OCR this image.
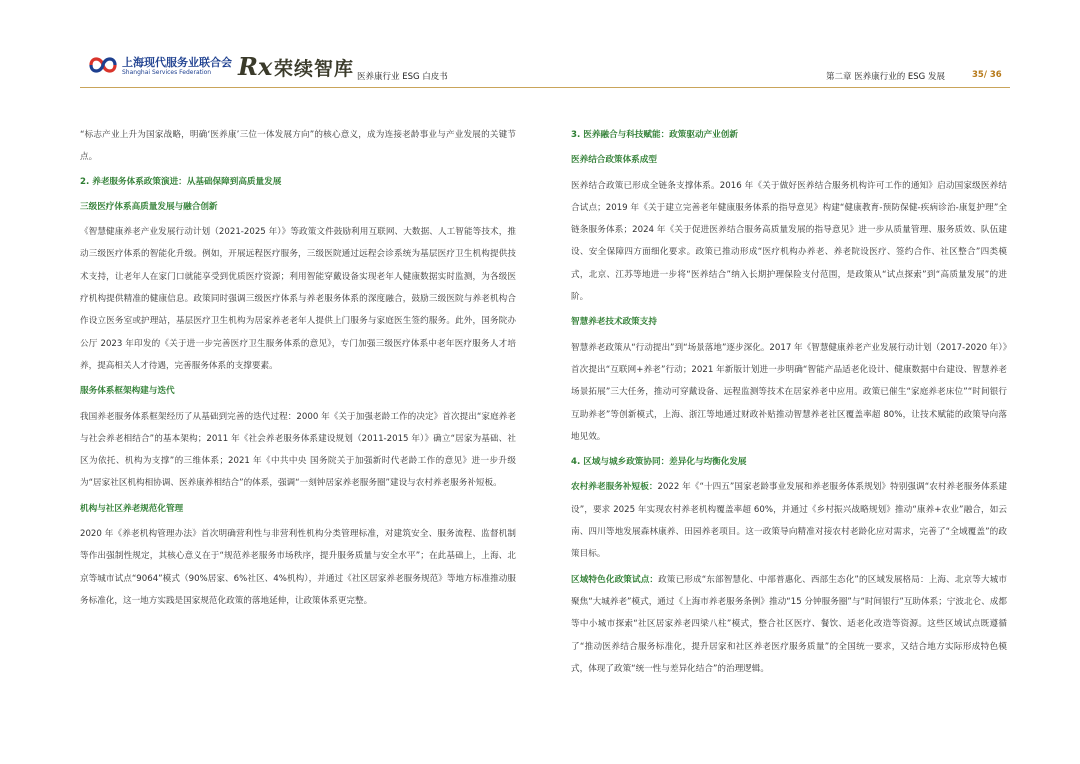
上海现代服务业联合会
Shanghai Services Federation Rx 荣续智库 医养康行业 ESG 白皮书	第二章 医养康行业的 ESG 发展	35/ 36

“标志产业上升为国家战略，明确‘医养康’三位一体发展方向”的核心意义，成为连接老龄事业与产业发展的关键节点。

2. 养老服务体系政策演进：从基础保障到高质量发展

三级医疗体系高质量发展与融合创新

《智慧健康养老产业发展行动计划（2021-2025 年）》等政策文件鼓励利用互联网、大数据、人工智能等技术，推动三级医疗体系的智能化升级。例如，开展远程医疗服务，三级医院通过远程会诊系统为基层医疗卫生机构提供技术支持，让老年人在家门口就能享受到优质医疗资源；利用智能穿戴设备实现老年人健康数据实时监测，为各级医疗机构提供精准的健康信息。政策同时强调三级医疗体系与养老服务体系的深度融合，鼓励三级医院与养老机构合作设立医务室或护理站，基层医疗卫生机构为居家养老老年人提供上门服务与家庭医生签约服务。此外，国务院办公厅 2023 年印发的《关于进一步完善医疗卫生服务体系的意见》，专门加强三级医疗体系中老年医疗服务人才培养，提高相关人才待遇，完善服务体系的支撑要素。

服务体系框架构建与迭代

我国养老服务体系框架经历了从基础到完善的迭代过程：2000 年《关于加强老龄工作的决定》首次提出“家庭养老与社会养老相结合”的基本架构；2011 年《社会养老服务体系建设规划（2011-2015 年）》确立“居家为基础、社区为依托、机构为支撑”的三维体系；2021 年《中共中央 国务院关于加强新时代老龄工作的意见》进一步升级为“居家社区机构相协调、医养康养相结合”的体系，强调“一刻钟居家养老服务圈”建设与农村养老服务补短板。

机构与社区养老规范化管理

2020 年《养老机构管理办法》首次明确营利性与非营利性机构分类管理标准，对建筑安全、服务流程、监督机制等作出强制性规定，其核心意义在于“规范养老服务市场秩序，提升服务质量与安全水平”；在此基础上，上海、北京等城市试点“9064”模式（90%居家、6%社区、4%机构），并通过《社区居家养老服务规范》等地方标准推动服务标准化，这一地方实践是国家规范化政策的落地延伸，让政策体系更完整。

3. 医养融合与科技赋能：政策驱动产业创新

医养结合政策体系成型

医养结合政策已形成全链条支撑体系。2016 年《关于做好医养结合服务机构许可工作的通知》启动国家级医养结合试点；2019 年《关于建立完善老年健康服务体系的指导意见》构建“健康教育-预防保健-疾病诊治-康复护理”全链条服务体系；2024 年《关于促进医养结合服务高质量发展的指导意见》进一步从质量管理、服务质效、队伍建设、安全保障四方面细化要求。政策已推动形成“医疗机构办养老、养老院设医疗、签约合作、社区整合”四类模式，北京、江苏等地进一步将“医养结合”纳入长期护理保险支付范围，是政策从“试点探索”到“高质量发展”的进阶。

智慧养老技术政策支持

智慧养老政策从“行动提出”到“场景落地”逐步深化。2017 年《智慧健康养老产业发展行动计划（2017-2020 年）》首次提出“互联网+养老”行动；2021 年新版计划进一步明确“智能产品适老化设计、健康数据中台建设、智慧养老场景拓展”三大任务，推动可穿戴设备、远程监测等技术在居家养老中应用。政策已催生“家庭养老床位”“时间银行互助养老”等创新模式，上海、浙江等地通过财政补贴推动智慧养老社区覆盖率超 80%，让技术赋能的政策导向落地见效。

4. 区域与城乡政策协同：差异化与均衡化发展

农村养老服务补短板：2022 年《“十四五”国家老龄事业发展和养老服务体系规划》特别强调“农村养老服务体系建设”，要求 2025 年实现农村养老机构覆盖率超 60%，并通过《乡村振兴战略规划》推动“康养+农业”融合，如云南、四川等地发展森林康养、田园养老项目。这一政策导向精准对接农村老龄化应对需求，完善了“全域覆盖”的政策目标。

区域特色化政策试点：政策已形成“东部智慧化、中部普惠化、西部生态化”的区域发展格局：上海、北京等大城市聚焦“大城养老”模式，通过《上海市养老服务条例》推动“15 分钟服务圈”与“时间银行”互助体系；宁波北仑、成都等中小城市探索“社区居家养老四梁八柱”模式，整合社区医疗、餐饮、适老化改造等资源。这些区域试点既遵循了“推动医养结合服务标准化，提升居家和社区养老医疗服务质量”的全国统一要求，又结合地方实际形成特色模式，体现了政策“统一性与差异化结合”的治理逻辑。
